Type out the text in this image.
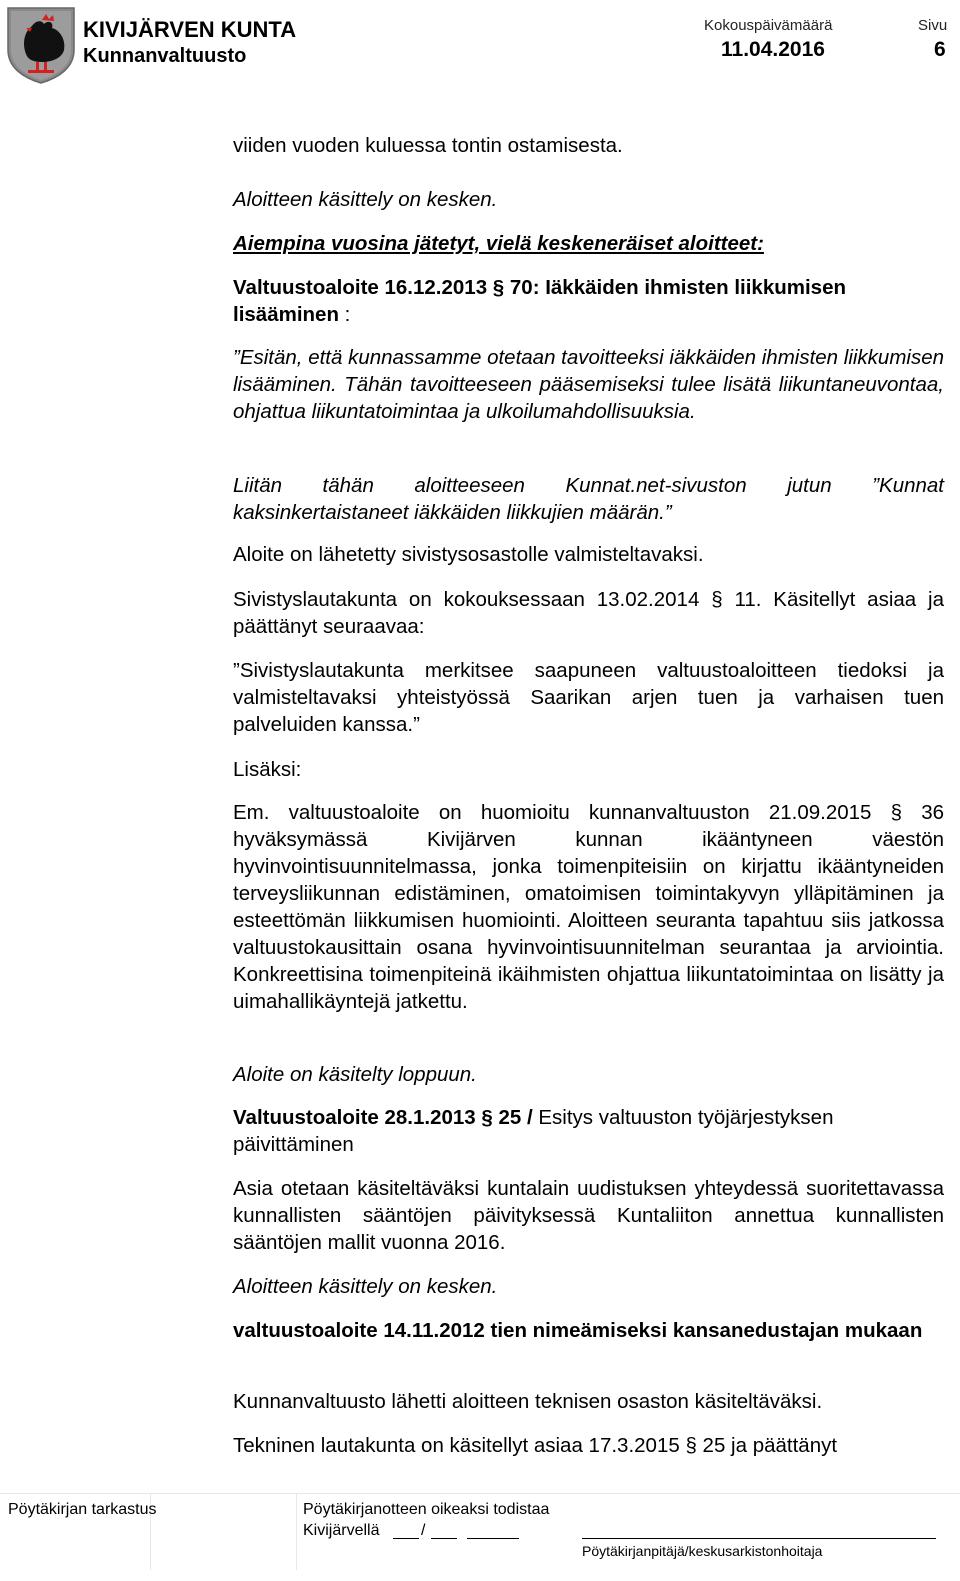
KIVIJÄRVEN KUNTA
Kunnanvaltuusto
Kokouspäivämäärä
11.04.2016
Sivu
6

viiden vuoden kuluessa tontin ostamisesta.

Aloitteen käsittely on kesken.

Aiempina vuosina jätetyt, vielä keskeneräiset aloitteet:

Valtuustoaloite 16.12.2013 § 70: Iäkkäiden ihmisten liikkumisen lisääminen :

”Esitän, että kunnassamme otetaan tavoitteeksi iäkkäiden ihmisten liikkumisen lisääminen. Tähän tavoitteeseen pääsemiseksi tulee lisätä liikuntaneuvontaa, ohjattua liikuntatoimintaa ja ulkoilumahdollisuuksia.

Liitän tähän aloitteeseen Kunnat.net-sivuston jutun ”Kunnat kaksinkertaistaneet iäkkäiden liikkujien määrän.”

Aloite on lähetetty sivistysosastolle valmisteltavaksi.

Sivistyslautakunta on kokouksessaan 13.02.2014 § 11. Käsitellyt asiaa ja päättänyt seuraavaa:

”Sivistyslautakunta merkitsee saapuneen valtuustoaloitteen tiedoksi ja valmisteltavaksi yhteistyössä Saarikan arjen tuen ja varhaisen tuen palveluiden kanssa.”

Lisäksi:

Em. valtuustoaloite on huomioitu kunnanvaltuuston 21.09.2015 § 36 hyväksymässä Kivijärven kunnan ikääntyneen väestön hyvinvointisuunnitelmassa, jonka toimenpiteisiin on kirjattu ikääntyneiden terveysliikunnan edistäminen, omatoimisen toimintakyvyn ylläpitäminen ja esteettömän liikkumisen huomiointi. Aloitteen seuranta tapahtuu siis jatkossa valtuustokausittain osana hyvinvointisuunnitelman seurantaa ja arviointia. Konkreettisina toimenpiteinä ikäihmisten ohjattua liikuntatoimintaa on lisätty ja uimahallikäyntejä jatkettu.

Aloite on käsitelty loppuun.

Valtuustoaloite 28.1.2013 § 25 / Esitys valtuuston työjärjestyksen päivittäminen

Asia otetaan käsiteltäväksi kuntalain uudistuksen yhteydessä suoritettavassa kunnallisten sääntöjen päivityksessä Kuntaliiton annettua kunnallisten sääntöjen mallit vuonna 2016.

Aloitteen käsittely on kesken.

valtuustoaloite 14.11.2012 tien nimeämiseksi kansanedustajan mukaan

Kunnanvaltuusto lähetti aloitteen teknisen osaston käsiteltäväksi.

Tekninen lautakunta on käsitellyt asiaa 17.3.2015 § 25 ja päättänyt

Pöytäkirjan tarkastus	Pöytäkirjanotteen oikeaksi todistaa
Kivijärvellä	/
Pöytäkirjanpitäjä/keskusarkistonhoitaja
